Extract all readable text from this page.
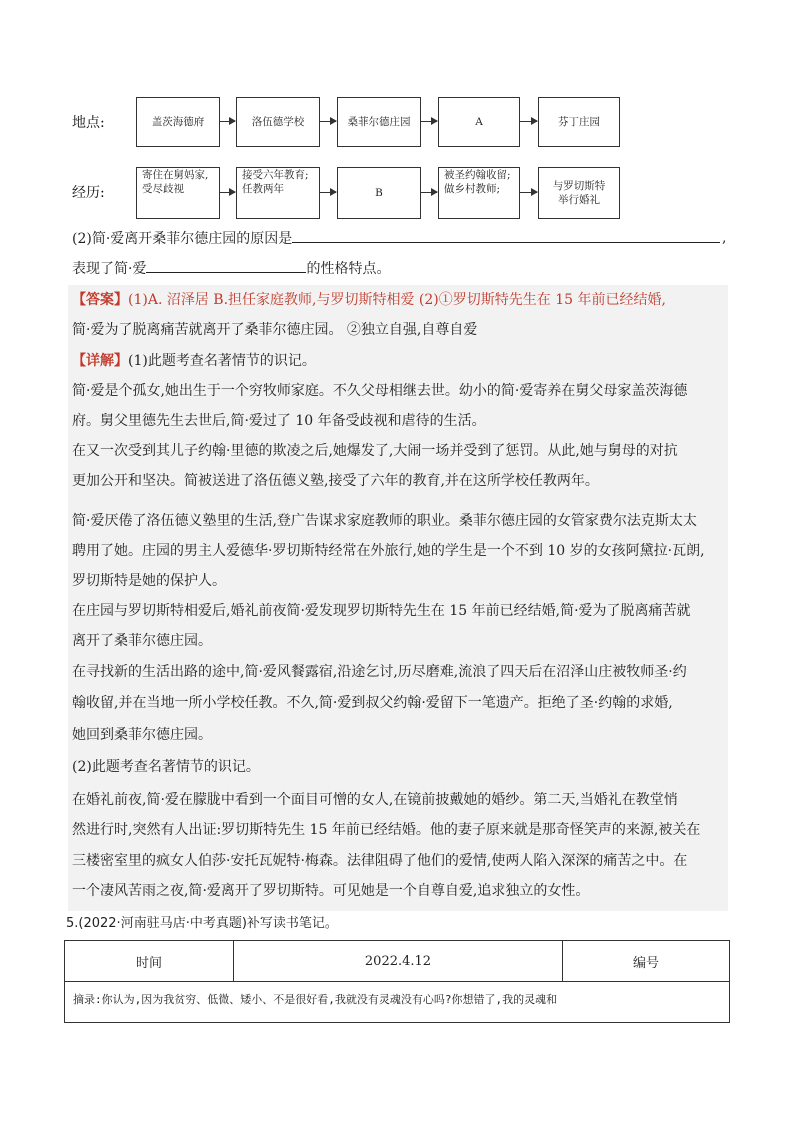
地点:
经历:
盖茨海德府	洛伍德学校	桑菲尔德庄园	A	芬丁庄园
寄住在舅妈家,
受尽歧视
接受六年教育;
任教两年	B
被圣约翰收留;
做乡村教师;	与罗切斯特
举行婚礼
(2)简·爱离开桑菲尔德庄园的原因是	,
表现了简·爱	的性格特点。
【答案】(1)A. 沼泽居 B.担任家庭教师,与罗切斯特相爱 (2)①罗切斯特先生在 15 年前已经结婚,
简·爱为了脱离痛苦就离开了桑菲尔德庄园。 ②独立自强,自尊自爱
【详解】(1)此题考查名著情节的识记。
简·爱是个孤女,她出生于一个穷牧师家庭。不久父母相继去世。幼小的简·爱寄养在舅父母家盖茨海德
府。舅父里德先生去世后,简·爱过了 10 年备受歧视和虐待的生活。
在又一次受到其儿子约翰·里德的欺凌之后,她爆发了,大闹一场并受到了惩罚。从此,她与舅母的对抗
更加公开和坚决。简被送进了洛伍德义塾,接受了六年的教育,并在这所学校任教两年。
简·爱厌倦了洛伍德义塾里的生活,登广告谋求家庭教师的职业。桑菲尔德庄园的女管家费尔法克斯太太
聘用了她。庄园的男主人爱德华·罗切斯特经常在外旅行,她的学生是一个不到 10 岁的女孩阿黛拉·瓦朗,
罗切斯特是她的保护人。
在庄园与罗切斯特相爱后,婚礼前夜简·爱发现罗切斯特先生在 15 年前已经结婚,简·爱为了脱离痛苦就
离开了桑菲尔德庄园。
在寻找新的生活出路的途中,简·爱风餐露宿,沿途乞讨,历尽磨难,流浪了四天后在沼泽山庄被牧师圣·约
翰收留,并在当地一所小学校任教。不久,简·爱到叔父约翰·爱留下一笔遗产。拒绝了圣·约翰的求婚,
她回到桑菲尔德庄园。
(2)此题考查名著情节的识记。
在婚礼前夜,简·爱在朦胧中看到一个面目可憎的女人,在镜前披戴她的婚纱。第二天,当婚礼在教堂悄
然进行时,突然有人出证:罗切斯特先生 15 年前已经结婚。他的妻子原来就是那奇怪笑声的来源,被关在
三楼密室里的疯女人伯莎·安托瓦妮特·梅森。法律阻碍了他们的爱情,使两人陷入深深的痛苦之中。在
一个凄风苦雨之夜,简·爱离开了罗切斯特。可见她是一个自尊自爱,追求独立的女性。
5.(2022·河南驻马店·中考真题)补写读书笔记。
时间	2022.4.12	编号
摘录:你认为,因为我贫穷、低微、矮小、不是很好看,我就没有灵魂没有心吗?你想错了,我的灵魂和
